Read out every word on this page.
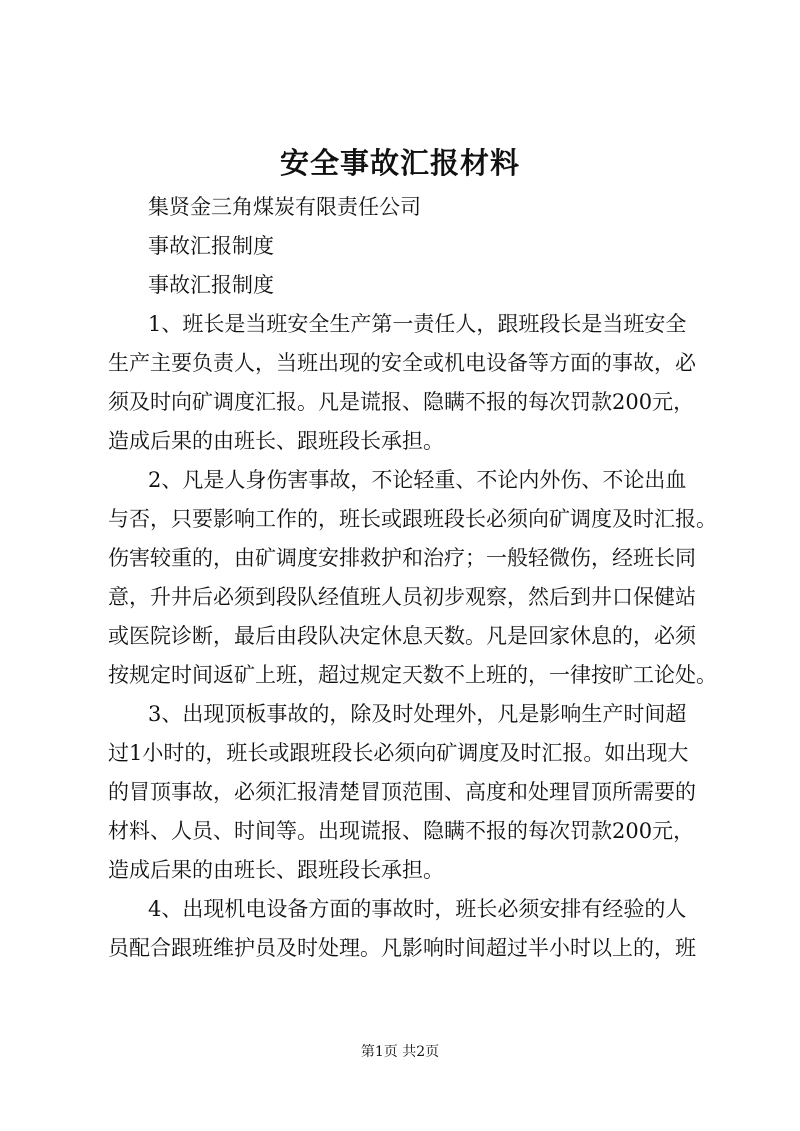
安全事故汇报材料

集贤金三角煤炭有限责任公司

事故汇报制度

事故汇报制度

1、班长是当班安全生产第一责任人，跟班段长是当班安全

生产主要负责人，当班出现的安全或机电设备等方面的事故，必

须及时向矿调度汇报。凡是谎报、隐瞒不报的每次罚款200元，

造成后果的由班长、跟班段长承担。

2、凡是人身伤害事故，不论轻重、不论内外伤、不论出血

与否，只要影响工作的，班长或跟班段长必须向矿调度及时汇报。

伤害较重的，由矿调度安排救护和治疗；一般轻微伤，经班长同

意，升井后必须到段队经值班人员初步观察，然后到井口保健站

或医院诊断，最后由段队决定休息天数。凡是回家休息的，必须

按规定时间返矿上班，超过规定天数不上班的，一律按旷工论处。

3、出现顶板事故的，除及时处理外，凡是影响生产时间超

过1小时的，班长或跟班段长必须向矿调度及时汇报。如出现大

的冒顶事故，必须汇报清楚冒顶范围、高度和处理冒顶所需要的

材料、人员、时间等。出现谎报、隐瞒不报的每次罚款200元，

造成后果的由班长、跟班段长承担。

4、出现机电设备方面的事故时，班长必须安排有经验的人

员配合跟班维护员及时处理。凡影响时间超过半小时以上的，班

第1页 共2页
